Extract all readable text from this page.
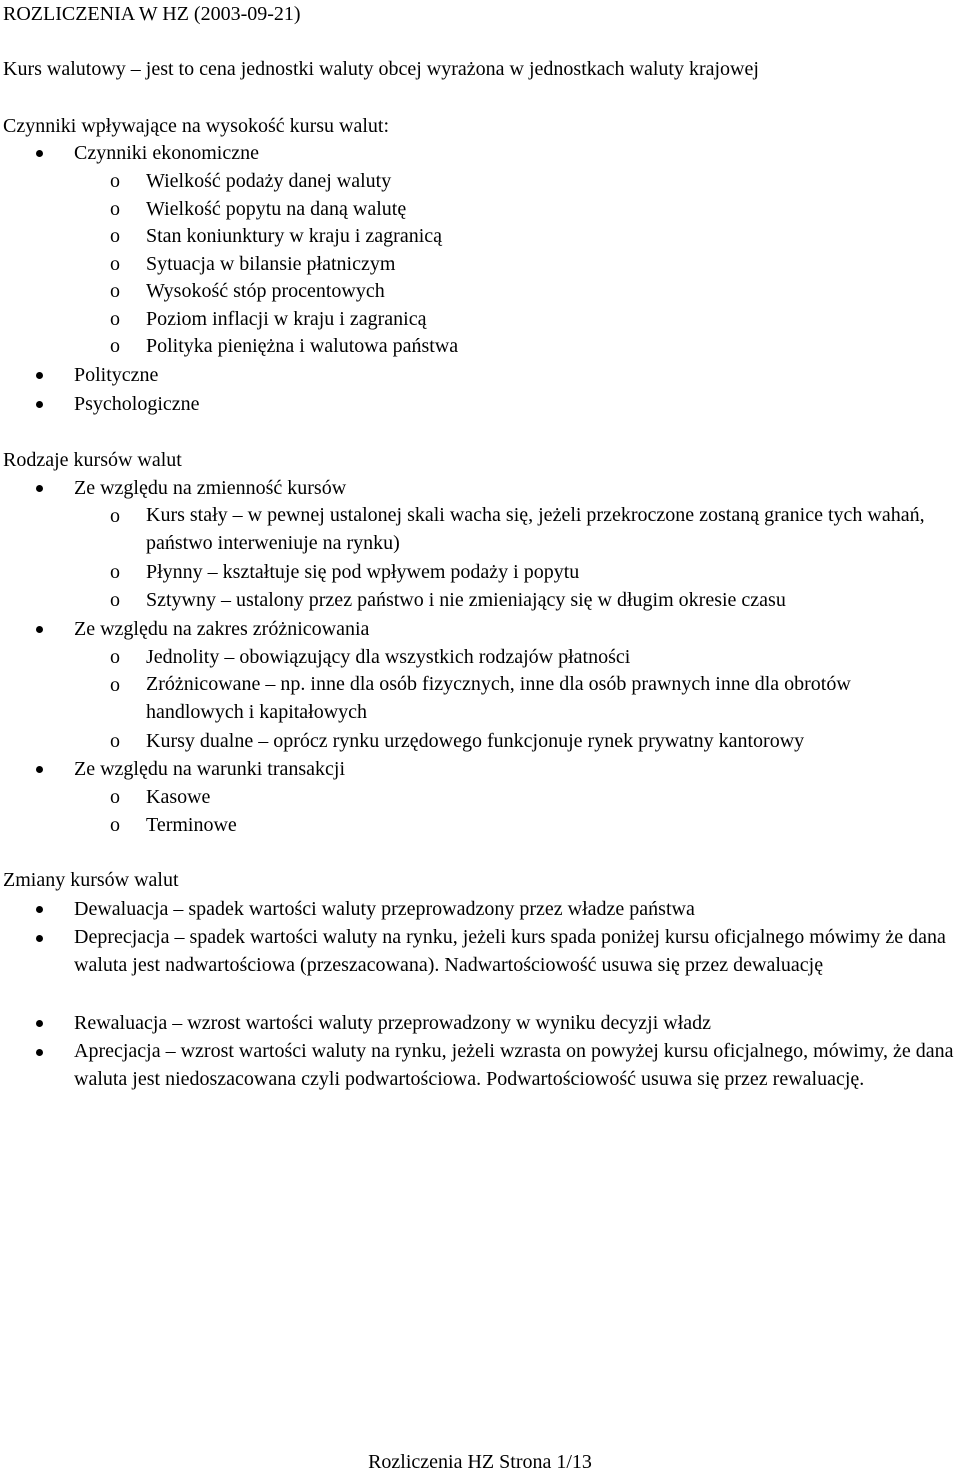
ROZLICZENIA W HZ (2003-09-21)
Kurs walutowy – jest to cena jednostki waluty obcej wyrażona w jednostkach waluty krajowej
Czynniki wpływające na wysokość kursu walut:
Czynniki ekonomiczne
o Wielkość podaży danej waluty
o Wielkość popytu na daną walutę
o Stan koniunktury w kraju i zagranicą
o Sytuacja w bilansie płatniczym
o Wysokość stóp procentowych
o Poziom inflacji w kraju i zagranicą
o Polityka pieniężna i walutowa państwa
Polityczne
Psychologiczne
Rodzaje kursów walut
Ze względu na zmienność kursów
o Kurs stały – w pewnej ustalonej skali wacha się, jeżeli przekroczone zostaną granice tych wahań, państwo interweniuje na rynku)
o Płynny – kształtuje się pod wpływem podaży i popytu
o Sztywny – ustalony przez państwo i nie zmieniający się w długim okresie czasu
Ze względu na zakres zróżnicowania
o Jednolity – obowiązujący dla wszystkich rodzajów płatności
o Zróżnicowane – np. inne dla osób fizycznych, inne dla osób prawnych inne dla obrotów handlowych i kapitałowych
o Kursy dualne – oprócz rynku urzędowego funkcjonuje rynek prywatny kantorowy
Ze względu na warunki transakcji
o Kasowe
o Terminowe
Zmiany kursów walut
Dewaluacja – spadek wartości waluty przeprowadzony przez władze państwa
Deprecjacja – spadek wartości waluty na rynku, jeżeli kurs spada poniżej kursu oficjalnego mówimy że dana waluta jest nadwartościowa (przeszacowana). Nadwartościowość usuwa się przez dewaluację
Rewaluacja – wzrost wartości waluty przeprowadzony w wyniku decyzji władz
Aprecjacja – wzrost wartości waluty na rynku, jeżeli wzrasta on powyżej kursu oficjalnego, mówimy, że dana waluta jest niedoszacowana czyli podwartościowa. Podwartościowość usuwa się przez rewaluację.
Rozliczenia HZ Strona 1/13
